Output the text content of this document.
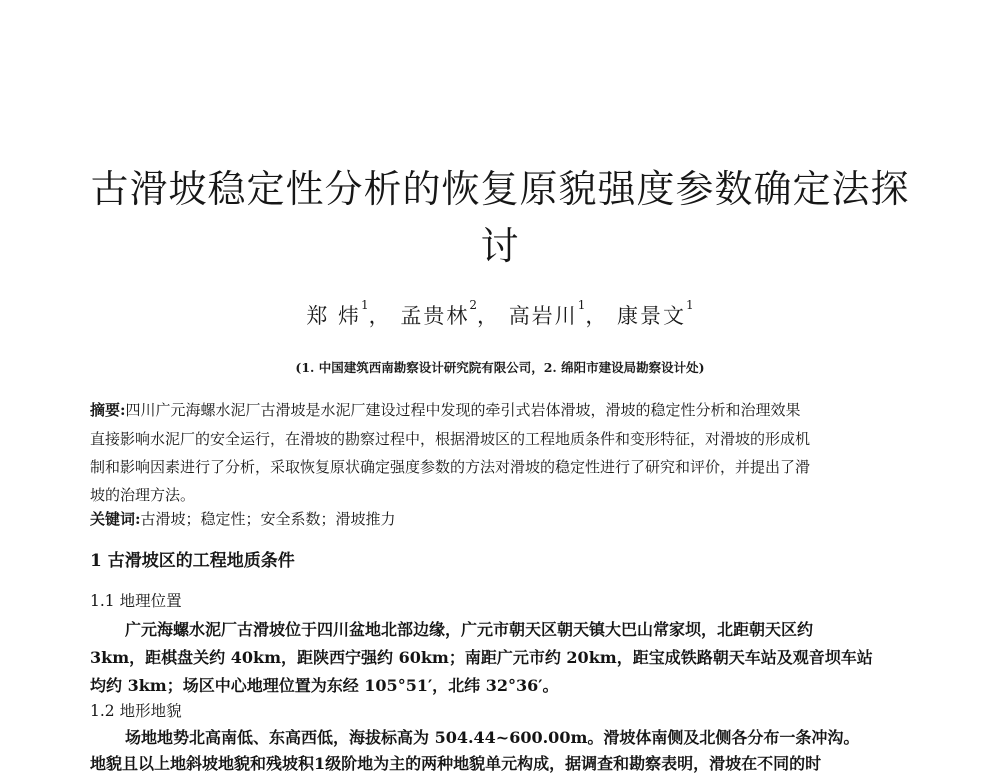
古滑坡稳定性分析的恢复原貌强度参数确定法探
讨
郑 炜$^1$， 孟贵林$^2$， 高岩川$^1$， 康景文$^1$
(1. 中国建筑西南勘察设计研究院有限公司，2. 绵阳市建设局勘察设计处)
摘要:四川广元海螺水泥厂古滑坡是水泥厂建设过程中发现的牵引式岩体滑坡，滑坡的稳定性分析和治理效果
直接影响水泥厂的安全运行，在滑坡的勘察过程中，根据滑坡区的工程地质条件和变形特征，对滑坡的形成机
制和影响因素进行了分析，采取恢复原状确定强度参数的方法对滑坡的稳定性进行了研究和评价，并提出了滑
坡的治理方法。
关键词:古滑坡；稳定性；安全系数；滑坡推力
1 古滑坡区的工程地质条件
1.1 地理位置
广元海螺水泥厂古滑坡位于四川盆地北部边缘，广元市朝天区朝天镇大巴山常家坝，北距朝天区约
3km，距棋盘关约 40km，距陕西宁强约 60km；南距广元市约 20km，距宝成铁路朝天车站及观音坝车站
均约 3km；场区中心地理位置为东经 105°51′，北纬 32°36′。
1.2 地形地貌
场地地势北高南低、东高西低，海拔标高为 504.44~600.00m。滑坡体南侧及北侧各分布一条冲沟。
地貌且以上地斜坡地貌和残坡积1级阶地为主的两种地貌单元构成，据调查和勘察表明，滑坡在不同的时
